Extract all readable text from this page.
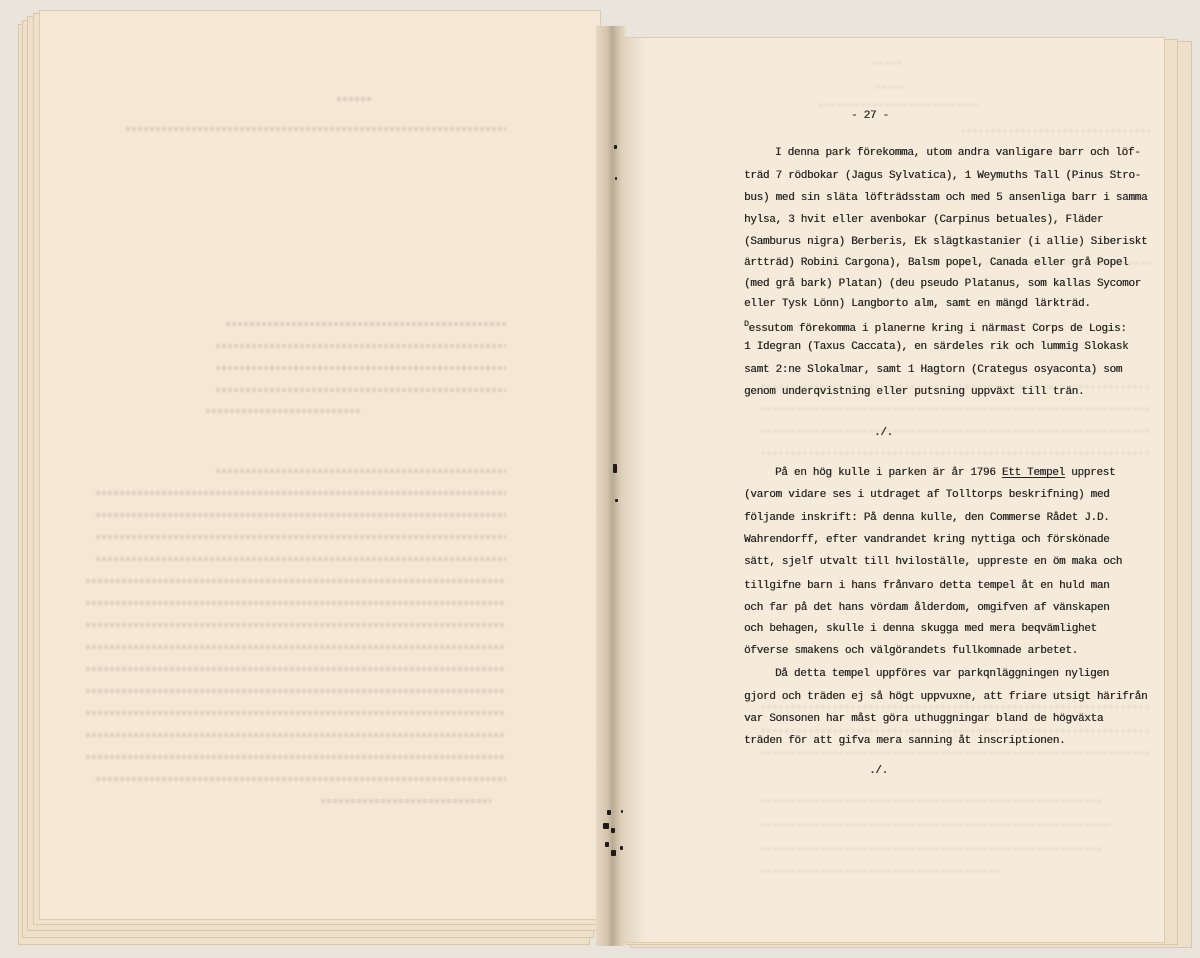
- 27 -
I denna park förekomma, utom andra vanligare barr och löf-
träd 7 rödbokar (Jagus Sylvatica), 1 Weymuths Tall (Pinus Stro-
bus) med sin släta löfträdsstam och med 5 ansenliga barr i samma
hylsa, 3 hvit eller avenbokar (Carpinus betuales), Fläder
(Samburus nigra) Berberis, Ek slägtkastanier (i allie) Siberiskt
ärtträd) Robini Cargona), Balsm popel, Canada eller grå Popel
(med grå bark) Platan) (deu pseudo Platanus, som kallas Sycomor
eller Tysk Lönn) Langborto alm, samt en mängd lärkträd.
Dessutom förekomma i planerne kring i närmast Corps de Logis:
1 Idegran (Taxus Caccata), en särdeles rik och lummig Slokask
samt 2:ne Slokalmar, samt 1 Hagtorn (Crategus osyaconta) som
genom underqvistning eller putsning uppväxt till trän.
./.
På en hög kulle i parken är år 1796 Ett Tempel upprest
(varom vidare ses i utdraget af Tolltorps beskrifning) med
följande inskrift: På denna kulle, den Commerse Rådet J.D.
Wahrendorff, efter vandrandet kring nyttiga och förskönade
sätt, sjelf utvalt till hviloställe, uppreste en öm maka och
tillgifne barn i hans frånvaro detta tempel åt en huld man
och far på det hans vördam ålderdom, omgifven af vänskapen
och behagen, skulle i denna skugga med mera beqvämlighet
öfverse smakens och välgörandets fullkomnade arbetet.
Då detta tempel uppföres var parkqnläggningen nyligen
gjord och träden ej så högt uppvuxne, att friare utsigt härifrån
var Sonsonen har måst göra uthuggningar bland de högväxta
träden för att gifva mera sanning åt inscriptionen.
./.
